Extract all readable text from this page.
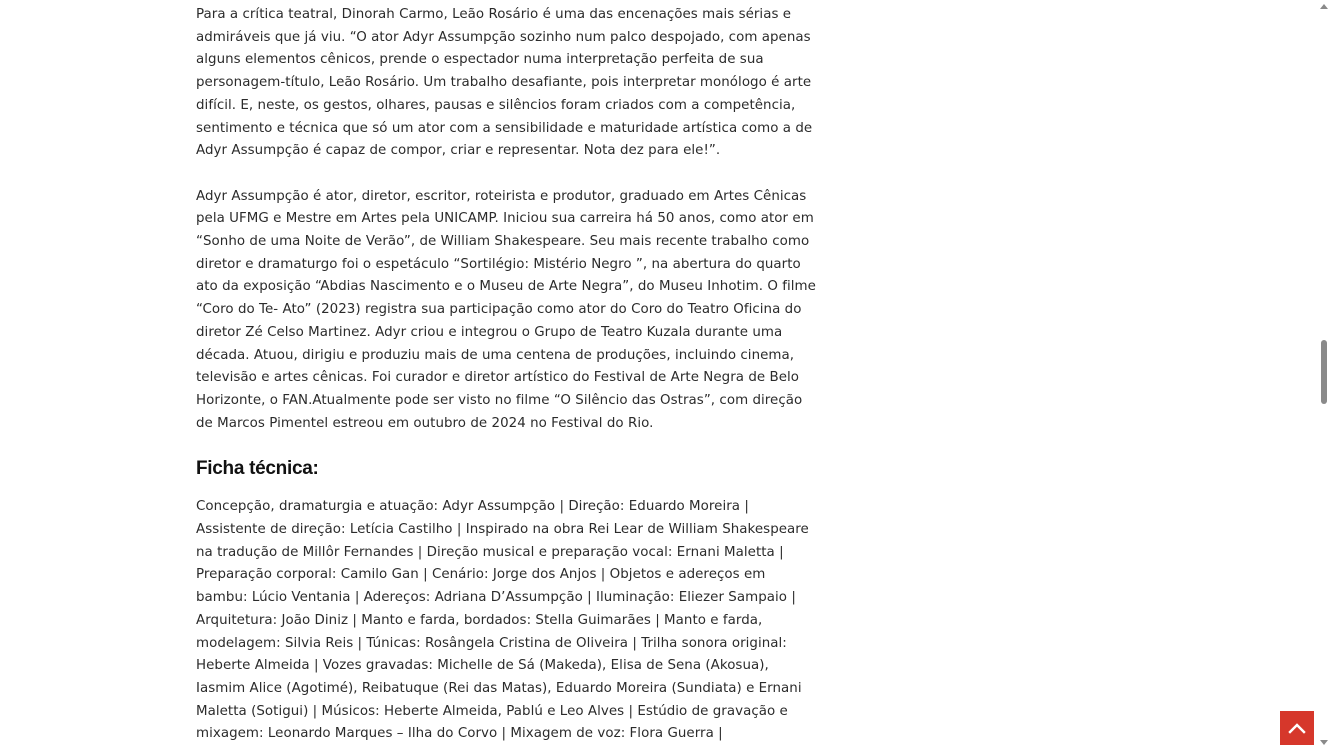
Para a crítica teatral, Dinorah Carmo, Leão Rosário é uma das encenações mais sérias e
admiráveis que já viu. “O ator Adyr Assumpção sozinho num palco despojado, com apenas
alguns elementos cênicos, prende o espectador numa interpretação perfeita de sua
personagem-título, Leão Rosário. Um trabalho desafiante, pois interpretar monólogo é arte
difícil. E, neste, os gestos, olhares, pausas e silêncios foram criados com a competência,
sentimento e técnica que só um ator com a sensibilidade e maturidade artística como a de
Adyr Assumpção é capaz de compor, criar e representar. Nota dez para ele!”.

Adyr Assumpção é ator, diretor, escritor, roteirista e produtor, graduado em Artes Cênicas
pela UFMG e Mestre em Artes pela UNICAMP. Iniciou sua carreira há 50 anos, como ator em
“Sonho de uma Noite de Verão”, de William Shakespeare. Seu mais recente trabalho como
diretor e dramaturgo foi o espetáculo “Sortilégio: Mistério Negro ”, na abertura do quarto
ato da exposição “Abdias Nascimento e o Museu de Arte Negra”, do Museu Inhotim. O filme
“Coro do Te- Ato” (2023) registra sua participação como ator do Coro do Teatro Oficina do
diretor Zé Celso Martinez. Adyr criou e integrou o Grupo de Teatro Kuzala durante uma
década. Atuou, dirigiu e produziu mais de uma centena de produções, incluindo cinema,
televisão e artes cênicas. Foi curador e diretor artístico do Festival de Arte Negra de Belo
Horizonte, o FAN.Atualmente pode ser visto no filme “O Silêncio das Ostras”, com direção
de Marcos Pimentel estreou em outubro de 2024 no Festival do Rio.

Ficha técnica:

Concepção, dramaturgia e atuação: Adyr Assumpção | Direção: Eduardo Moreira |
Assistente de direção: Letícia Castilho | Inspirado na obra Rei Lear de William Shakespeare
na tradução de Millôr Fernandes | Direção musical e preparação vocal: Ernani Maletta |
Preparação corporal: Camilo Gan | Cenário: Jorge dos Anjos | Objetos e adereços em
bambu: Lúcio Ventania | Adereços: Adriana D’Assumpção | Iluminação: Eliezer Sampaio |
Arquitetura: João Diniz | Manto e farda, bordados: Stella Guimarães | Manto e farda,
modelagem: Silvia Reis | Túnicas: Rosângela Cristina de Oliveira | Trilha sonora original:
Heberte Almeida | Vozes gravadas: Michelle de Sá (Makeda), Elisa de Sena (Akosua),
Iasmim Alice (Agotimé), Reibatuque (Rei das Matas), Eduardo Moreira (Sundiata) e Ernani
Maletta (Sotigui) | Músicos: Heberte Almeida, Pablú e Leo Alves | Estúdio de gravação e
mixagem: Leonardo Marques – Ilha do Corvo | Mixagem de voz: Flora Guerra |
